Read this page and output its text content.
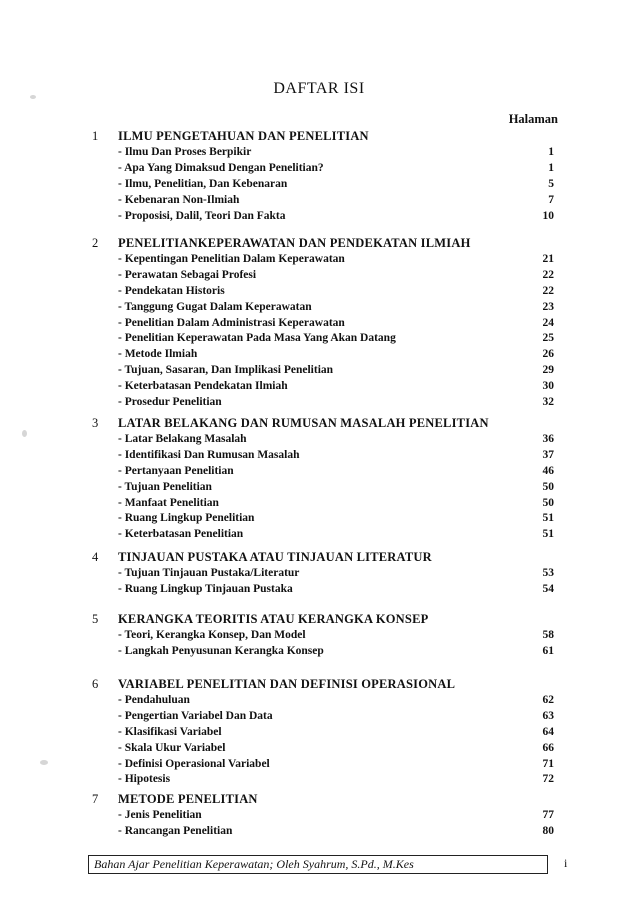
DAFTAR ISI
Halaman
1 ILMU PENGETAHUAN DAN PENELITIAN
- Ilmu Dan Proses Berpikir	1
- Apa Yang Dimaksud Dengan Penelitian?	1
- Ilmu, Penelitian, Dan Kebenaran	5
- Kebenaran Non-Ilmiah	7
- Proposisi, Dalil, Teori Dan Fakta	10
2 PENELITIANKEPERAWATAN DAN PENDEKATAN ILMIAH
- Kepentingan Penelitian Dalam Keperawatan	21
- Perawatan Sebagai Profesi	22
- Pendekatan Historis	22
- Tanggung Gugat Dalam Keperawatan	23
- Penelitian Dalam Administrasi Keperawatan	24
- Penelitian Keperawatan Pada Masa Yang Akan Datang	25
- Metode Ilmiah	26
- Tujuan, Sasaran, Dan Implikasi Penelitian	29
- Keterbatasan Pendekatan Ilmiah	30
- Prosedur Penelitian	32
3 LATAR BELAKANG DAN RUMUSAN MASALAH PENELITIAN
- Latar Belakang Masalah	36
- Identifikasi Dan Rumusan Masalah	37
- Pertanyaan Penelitian	46
- Tujuan Penelitian	50
- Manfaat Penelitian	50
- Ruang Lingkup Penelitian	51
- Keterbatasan Penelitian	51
4 TINJAUAN PUSTAKA ATAU TINJAUAN LITERATUR
- Tujuan Tinjauan Pustaka/Literatur	53
- Ruang Lingkup Tinjauan Pustaka	54
5 KERANGKA TEORITIS ATAU KERANGKA KONSEP
- Teori, Kerangka Konsep, Dan Model	58
- Langkah Penyusunan Kerangka Konsep	61
6 VARIABEL PENELITIAN DAN DEFINISI OPERASIONAL
- Pendahuluan	62
- Pengertian Variabel Dan Data	63
- Klasifikasi Variabel	64
- Skala Ukur Variabel	66
- Definisi Operasional Variabel	71
- Hipotesis	72
7 METODE PENELITIAN
- Jenis Penelitian	77
- Rancangan Penelitian	80
Bahan Ajar Penelitian Keperawatan; Oleh Syahrum, S.Pd., M.Kes	i
